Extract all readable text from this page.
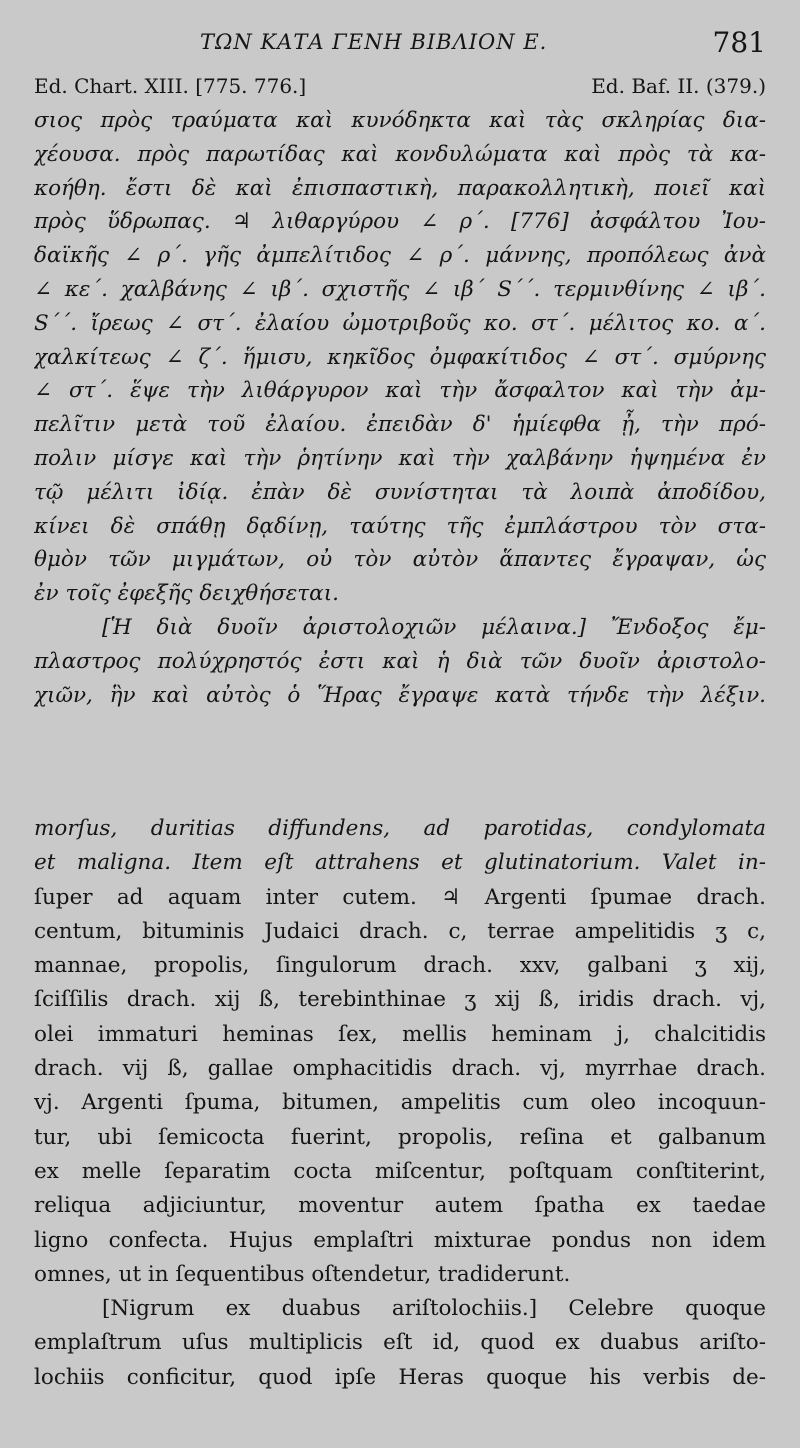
ΤΩΝ ΚΑΤΑ ΓΕΝΗ ΒΙΒΛΙΟΝ Ε.	781
Ed. Chart. XIII. [775. 776.]	Ed. Baf. II. (379.)
σιος πρὸς τραύματα καὶ κυνόδηκτα καὶ τὰς σκληρίας δια-
χέουσα. πρὸς παρωτίδας καὶ κονδυλώματα καὶ πρὸς τὰ κα-
κοήθη. ἔστι δὲ καὶ ἐπισπαστικὴ, παρακολλητικὴ, ποιεῖ καὶ
πρὸς ὕδρωπας. ♃ λιθαργύρου ∠ ρ΄. [776] ἀσφάλτου Ἰου-
δαϊκῆς ∠ ρ΄. γῆς ἀμπελίτιδος ∠ ρ΄. μάννης, προπόλεως ἀνὰ
∠ κε΄. χαλβάνης ∠ ιβ΄. σχιστῆς ∠ ιβ΄ S΄΄. τερμινθίνης ∠ ιβ΄.
S΄΄. ἴρεως ∠ στ΄. ἐλαίου ὠμοτριβοῦς κο. στ΄. μέλιτος κο. α΄.
χαλκίτεως ∠ ζ΄. ἥμισυ, κηκῖδος ὀμφακίτιδος ∠ στ΄. σμύρνης
∠ στ΄. ἕψε τὴν λιθάργυρον καὶ τὴν ἄσφαλτον καὶ τὴν ἀμ-
πελῖτιν μετὰ τοῦ ἐλαίου. ἐπειδὰν δ' ἡμίεφθα ᾖ, τὴν πρό-
πολιν μίσγε καὶ τὴν ῥητίνην καὶ τὴν χαλβάνην ἡψημένα ἐν
τῷ μέλιτι ἰδίᾳ. ἐπὰν δὲ συνίστηται τὰ λοιπὰ ἀποδίδου,
κίνει δὲ σπάθῃ δᾳδίνῃ, ταύτης τῆς ἐμπλάστρου τὸν στα-
θμὸν τῶν μιγμάτων, οὐ τὸν αὐτὸν ἅπαντες ἔγραψαν, ὡς
ἐν τοῖς ἐφεξῆς δειχθήσεται.
[Ἡ διὰ δυοῖν ἀριστολοχιῶν μέλαινα.] Ἔνδοξος ἔμ-
πλαστρος πολύχρηστός ἐστι καὶ ἡ διὰ τῶν δυοῖν ἀριστολο-
χιῶν, ἣν καὶ αὐτὸς ὁ Ἥρας ἔγραψε κατὰ τήνδε τὴν λέξιν.
morſus, duritias diffundens, ad parotidas, condylomata
et maligna. Item eſt attrahens et glutinatorium. Valet in-
ſuper ad aquam inter cutem. ♃ Argenti ſpumae drach.
centum, bituminis Judaici drach. c, terrae ampelitidis ʒ c,
mannae, propolis, ſingulorum drach. xxv, galbani ʒ xij,
ſciſſilis drach. xij ß, terebinthinae ʒ xij ß, iridis drach. vj,
olei immaturi heminas ſex, mellis heminam j, chalcitidis
drach. vij ß, gallae omphacitidis drach. vj, myrrhae drach.
vj. Argenti ſpuma, bitumen, ampelitis cum oleo incoquun-
tur, ubi ſemicocta fuerint, propolis, reſina et galbanum
ex melle ſeparatim cocta miſcentur, poſtquam conſtiterint,
reliqua adjiciuntur, moventur autem ſpatha ex taedae
ligno confecta. Hujus emplaſtri mixturae pondus non idem
omnes, ut in ſequentibus oſtendetur, tradiderunt.
[Nigrum ex duabus ariſtolochiis.] Celebre quoque
emplaſtrum uſus multiplicis eſt id, quod ex duabus ariſto-
lochiis conficitur, quod ipſe Heras quoque his verbis de-
